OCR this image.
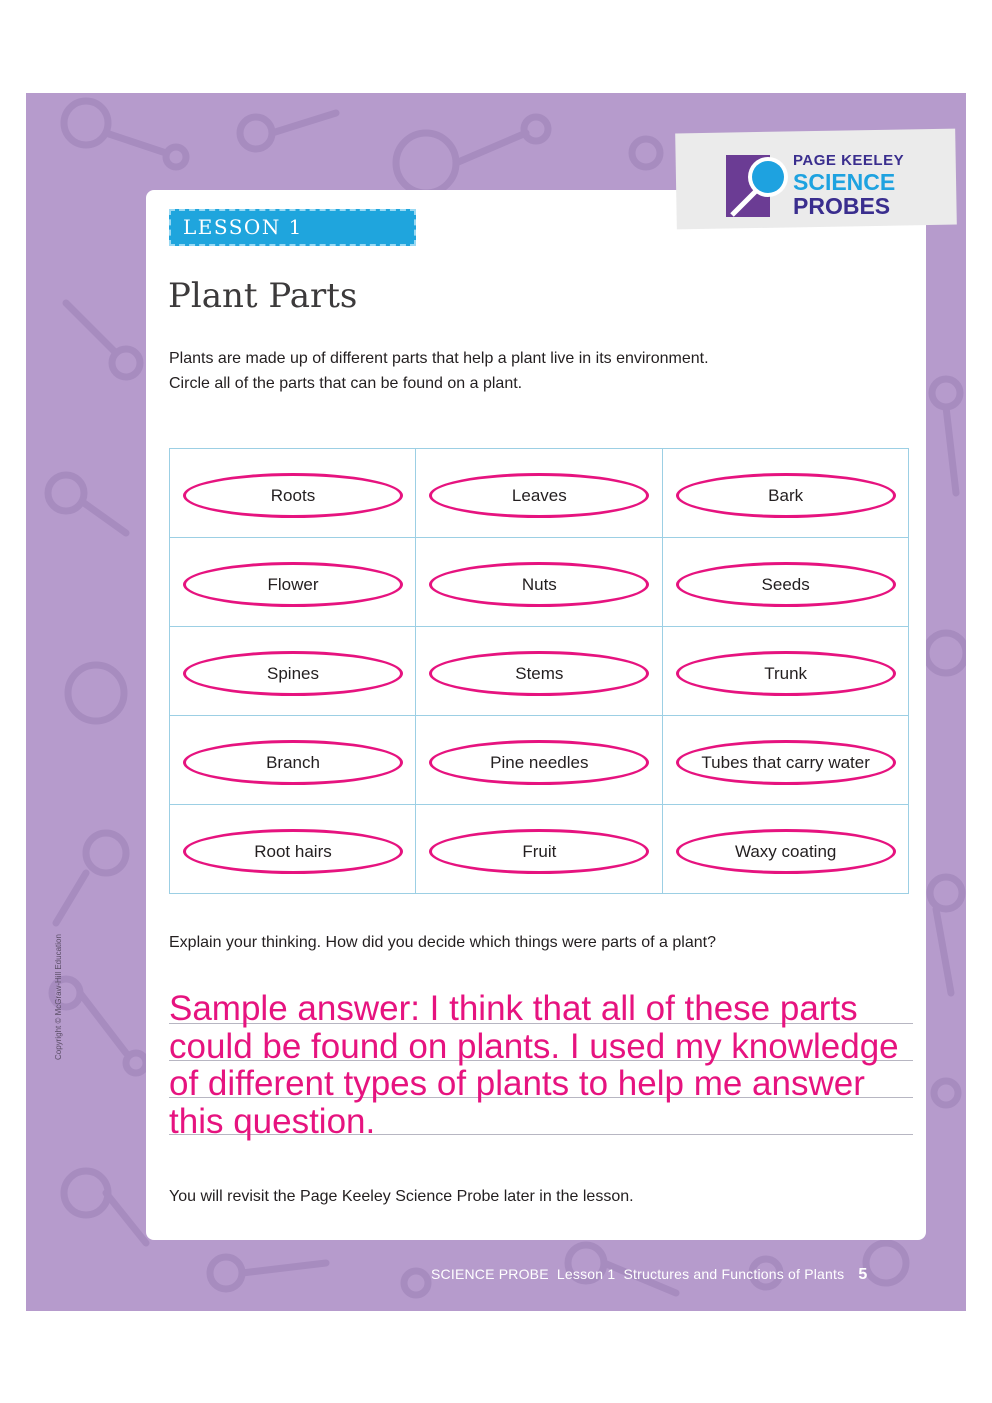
PAGE KEELEY
SCIENCE
PROBES
LESSON 1 LAUNCH
Plant Parts
Plants are made up of different parts that help a plant live in its environment. Circle all of the parts that can be found on a plant.
Roots	Leaves	Bark

Flower	Nuts	Seeds

Spines	Stems	Trunk

Branch	Pine needles	Tubes that carry water

Root hairs	Fruit	Waxy coating
Explain your thinking. How did you decide which things were parts of a plant?
Sample answer: I think that all of these parts could be found on plants. I used my knowledge of different types of plants to help me answer this question.
You will revisit the Page Keeley Science Probe later in the lesson.
Copyright © McGraw-Hill Education
SCIENCE PROBE  Lesson 1  Structures and Functions of Plants 5
